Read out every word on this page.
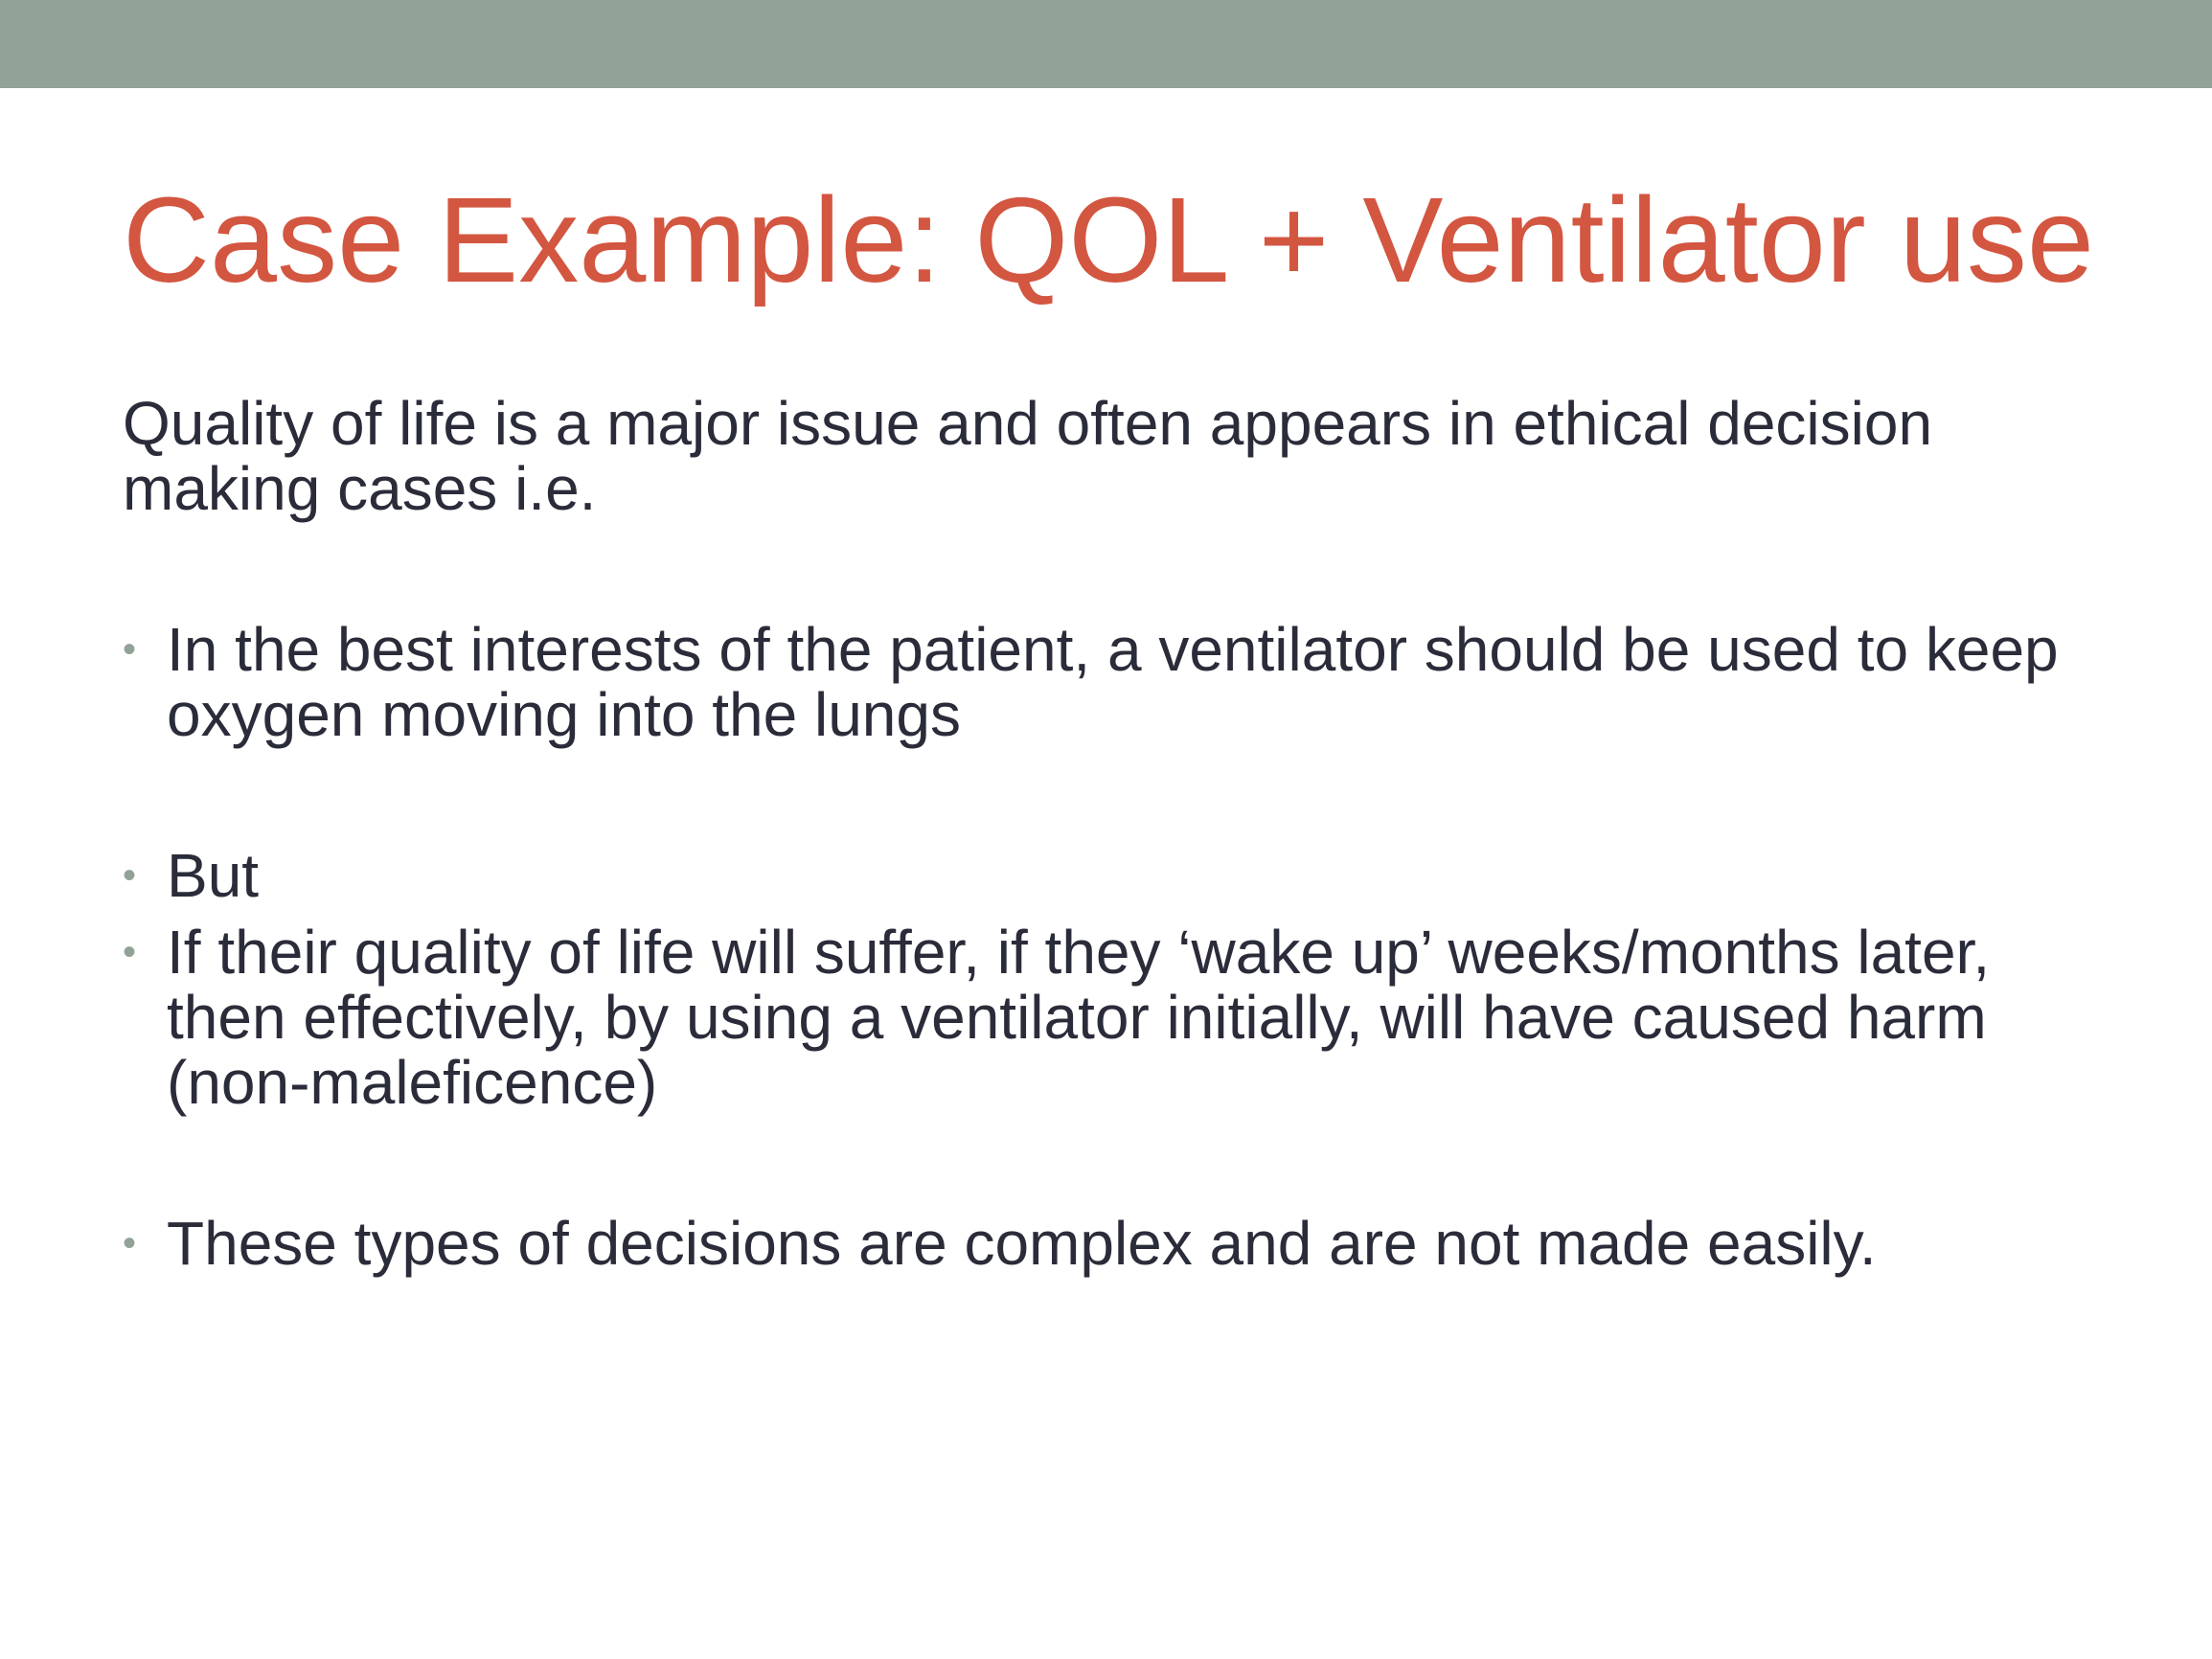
Case Example: QOL + Ventilator use

Quality of life is a major issue and often appears in ethical decision making cases i.e.

• In the best interests of the patient, a ventilator should be used to keep oxygen moving into the lungs
• But
• If their quality of life will suffer, if they ‘wake up’ weeks/months later, then effectively, by using a ventilator initially, will have caused harm (non-maleficence)
• These types of decisions are complex and are not made easily.
